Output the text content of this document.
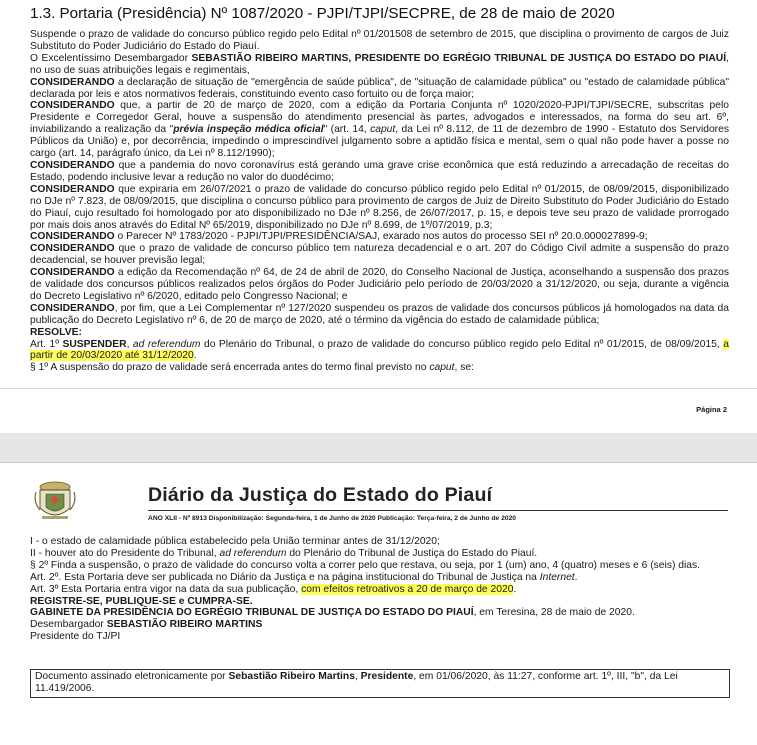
1.3. Portaria (Presidência) Nº 1087/2020 - PJPI/TJPI/SECPRE, de 28 de maio de 2020

Suspende o prazo de validade do concurso público regido pelo Edital nº 01/201508 de setembro de 2015, que disciplina o provimento de cargos de Juiz Substituto do Poder Judiciário do Estado do Piauí.

O Excelentíssimo Desembargador SEBASTIÃO RIBEIRO MARTINS, PRESIDENTE DO EGRÉGIO TRIBUNAL DE JUSTIÇA DO ESTADO DO PIAUÍ, no uso de suas atribuições legais e regimentais,

CONSIDERANDO a declaração de situação de "emergência de saúde pública", de "situação de calamidade pública" ou "estado de calamidade pública" declarada por leis e atos normativos federais, constituindo evento caso fortuito ou de força maior;

CONSIDERANDO que, a partir de 20 de março de 2020, com a edição da Portaria Conjunta nº 1020/2020-PJPI/TJPI/SECRE, subscritas pelo Presidente e Corregedor Geral, houve a suspensão do atendimento presencial às partes, advogados e interessados, na forma do seu art. 6º, inviabilizando a realização da "prévia inspeção médica oficial" (art. 14, caput, da Lei nº 8.112, de 11 de dezembro de 1990 - Estatuto dos Servidores Públicos da União) e, por decorrência, impedindo o imprescindível julgamento sobre a aptidão física e mental, sem o qual não pode haver a posse no cargo (art. 14, parágrafo único, da Lei nº 8.112/1990);

CONSIDERANDO que a pandemia do novo coronavírus está gerando uma grave crise econômica que está reduzindo a arrecadação de receitas do Estado, podendo inclusive levar a redução no valor do duodécimo;

CONSIDERANDO que expiraria em 26/07/2021 o prazo de validade do concurso público regido pelo Edital nº 01/2015, de 08/09/2015, disponibilizado no DJe nº 7.823, de 08/09/2015, que disciplina o concurso público para provimento de cargos de Juiz de Direito Substituto do Poder Judiciário do Estado do Piauí, cujo resultado foi homologado por ato disponibilizado no DJe nº 8.256, de 26/07/2017, p. 15, e depois teve seu prazo de validade prorrogado por mais dois anos através do Edital Nº 65/2019, disponibilizado no DJe nº 8.699, de 1º/07/2019, p.3;

CONSIDERANDO o Parecer Nº 1783/2020 - PJPI/TJPI/PRESIDÊNCIA/SAJ, exarado nos autos do processo SEI nº 20.0.000027899-9;

CONSIDERANDO que o prazo de validade de concurso público tem natureza decadencial e o art. 207 do Código Civil admite a suspensão do prazo decadencial, se houver previsão legal;

CONSIDERANDO a edição da Recomendação nº 64, de 24 de abril de 2020, do Conselho Nacional de Justiça, aconselhando a suspensão dos prazos de validade dos concursos públicos realizados pelos órgãos do Poder Judiciário pelo período de 20/03/2020 a 31/12/2020, ou seja, durante a vigência do Decreto Legislativo nº 6/2020, editado pelo Congresso Nacional; e

CONSIDERANDO, por fim, que a Lei Complementar nº 127/2020 suspendeu os prazos de validade dos concursos públicos já homologados na data da publicação do Decreto Legislativo nº 6, de 20 de março de 2020, até o término da vigência do estado de calamidade pública;

RESOLVE:

Art. 1º SUSPENDER, ad referendum do Plenário do Tribunal, o prazo de validade do concurso público regido pelo Edital nº 01/2015, de 08/09/2015, a partir de 20/03/2020 até 31/12/2020.

§ 1º A suspensão do prazo de validade será encerrada antes do termo final previsto no caput, se:

Página 2
Diário da Justiça do Estado do Piauí
ANO XLII - Nº 8913 Disponibilização: Segunda-feira, 1 de Junho de 2020 Publicação: Terça-feira, 2 de Junho de 2020

I - o estado de calamidade pública estabelecido pela União terminar antes de 31/12/2020;

II - houver ato do Presidente do Tribunal, ad referendum do Plenário do Tribunal de Justiça do Estado do Piauí.

§ 2º Finda a suspensão, o prazo de validade do concurso volta a correr pelo que restava, ou seja, por 1 (um) ano, 4 (quatro) meses e 6 (seis) dias.

Art. 2º. Esta Portaria deve ser publicada no Diário da Justiça e na página institucional do Tribunal de Justiça na Internet.

Art. 3º Esta Portaria entra vigor na data da sua publicação, com efeitos retroativos a 20 de março de 2020.

REGISTRE-SE, PUBLIQUE-SE e CUMPRA-SE.

GABINETE DA PRESIDÊNCIA DO EGRÉGIO TRIBUNAL DE JUSTIÇA DO ESTADO DO PIAUÍ, em Teresina, 28 de maio de 2020.

Desembargador SEBASTIÃO RIBEIRO MARTINS

Presidente do TJ/PI

Documento assinado eletronicamente por Sebastião Ribeiro Martins, Presidente, em 01/06/2020, às 11:27, conforme art. 1º, III, "b", da Lei 11.419/2006.
